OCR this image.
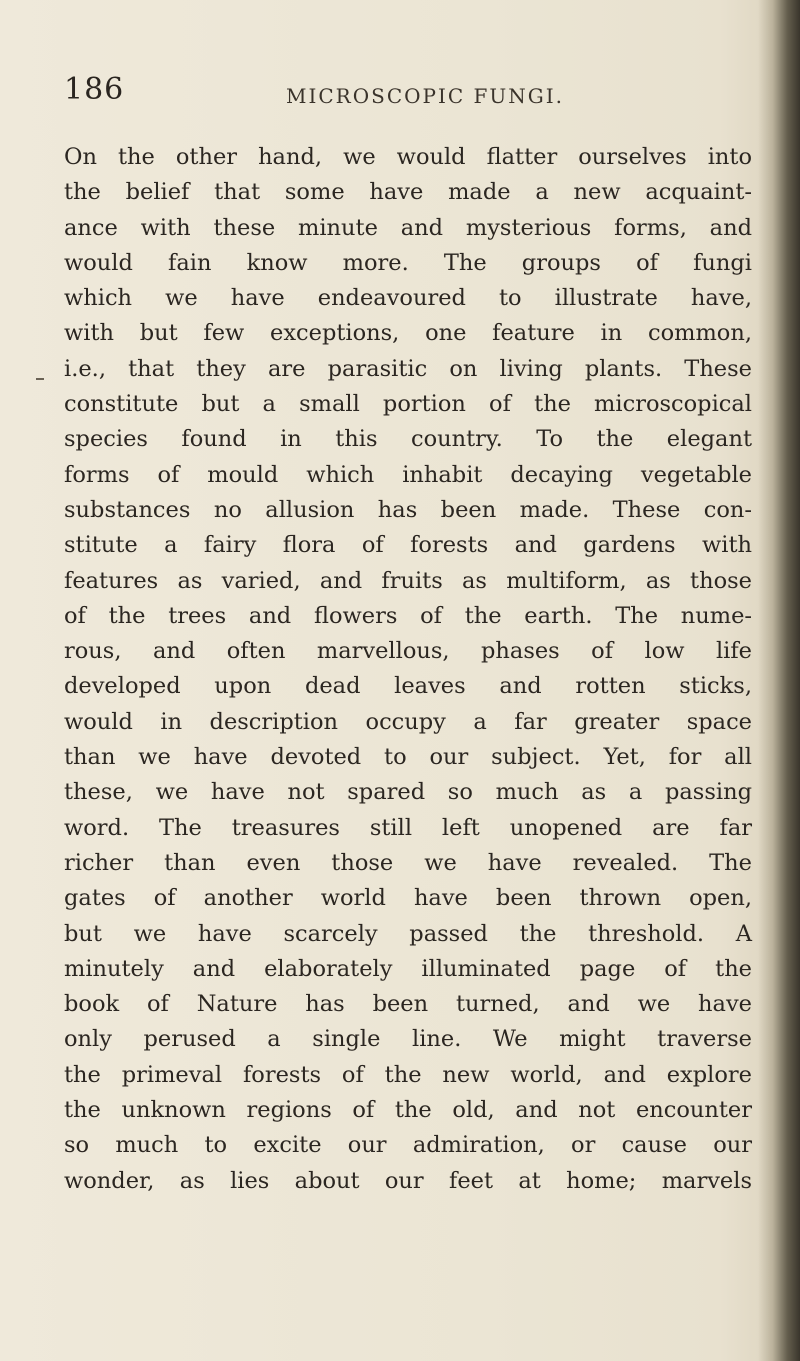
186	MICROSCOPIC FUNGI.
On the other hand, we would flatter ourselves into
the belief that some have made a new acquaint-
ance with these minute and mysterious forms, and
would fain know more. The groups of fungi
which we have endeavoured to illustrate have,
with but few exceptions, one feature in common,
i.e., that they are parasitic on living plants. These
constitute but a small portion of the microscopical
species found in this country. To the elegant
forms of mould which inhabit decaying vegetable
substances no allusion has been made. These con-
stitute a fairy flora of forests and gardens with
features as varied, and fruits as multiform, as those
of the trees and flowers of the earth. The nume-
rous, and often marvellous, phases of low life
developed upon dead leaves and rotten sticks,
would in description occupy a far greater space
than we have devoted to our subject. Yet, for all
these, we have not spared so much as a passing
word. The treasures still left unopened are far
richer than even those we have revealed. The
gates of another world have been thrown open,
but we have scarcely passed the threshold. A
minutely and elaborately illuminated page of the
book of Nature has been turned, and we have
only perused a single line. We might traverse
the primeval forests of the new world, and explore
the unknown regions of the old, and not encounter
so much to excite our admiration, or cause our
wonder, as lies about our feet at home; marvels
